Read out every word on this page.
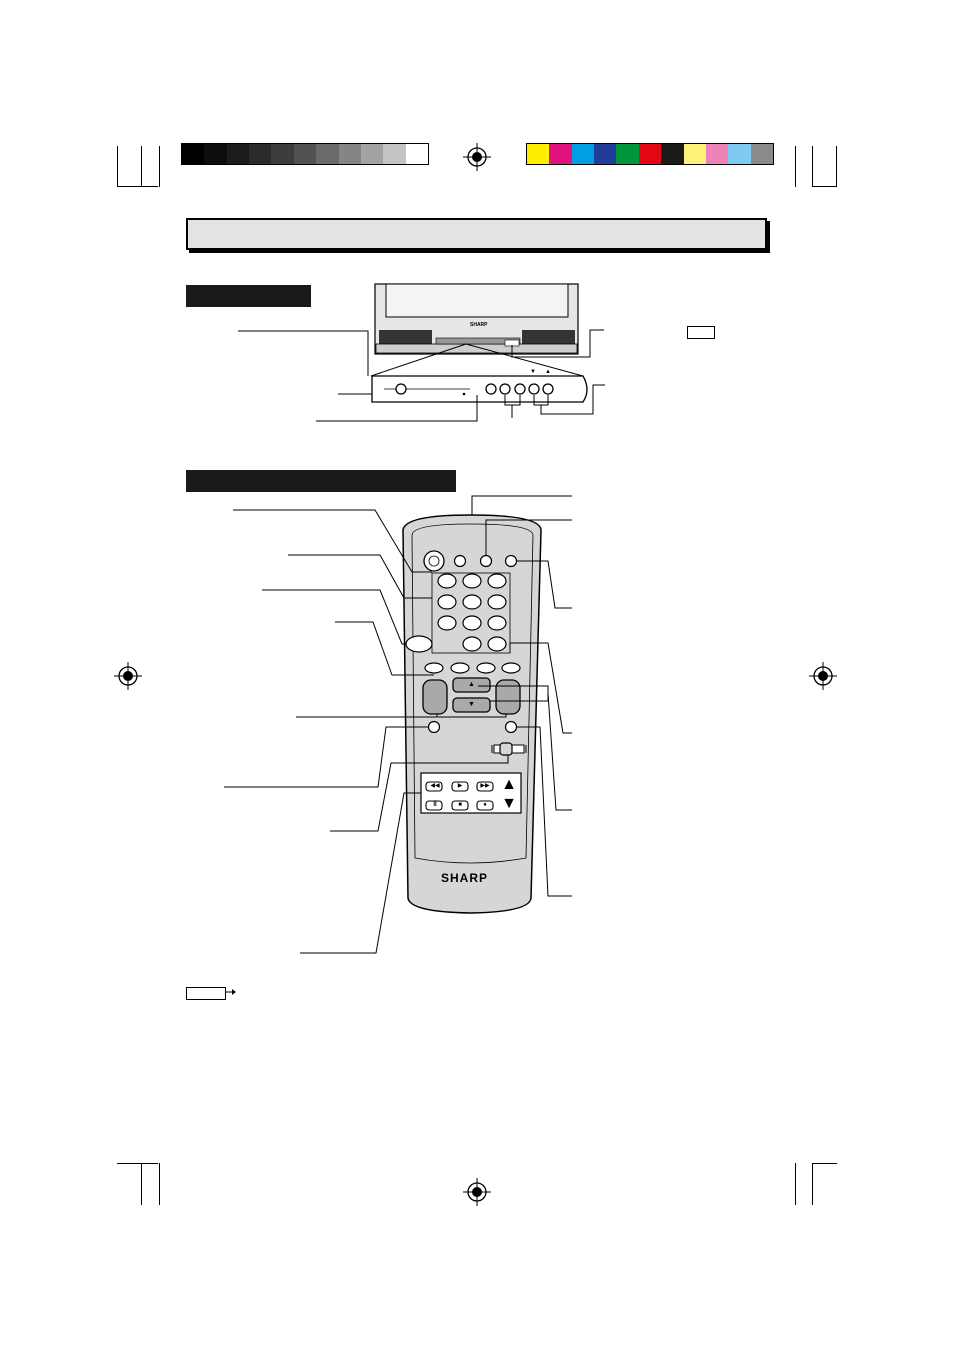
SHARP
▼ ▲
◀◀	▶	▶▶
II	■	●
▲
▼
▲
▼
SHARP
